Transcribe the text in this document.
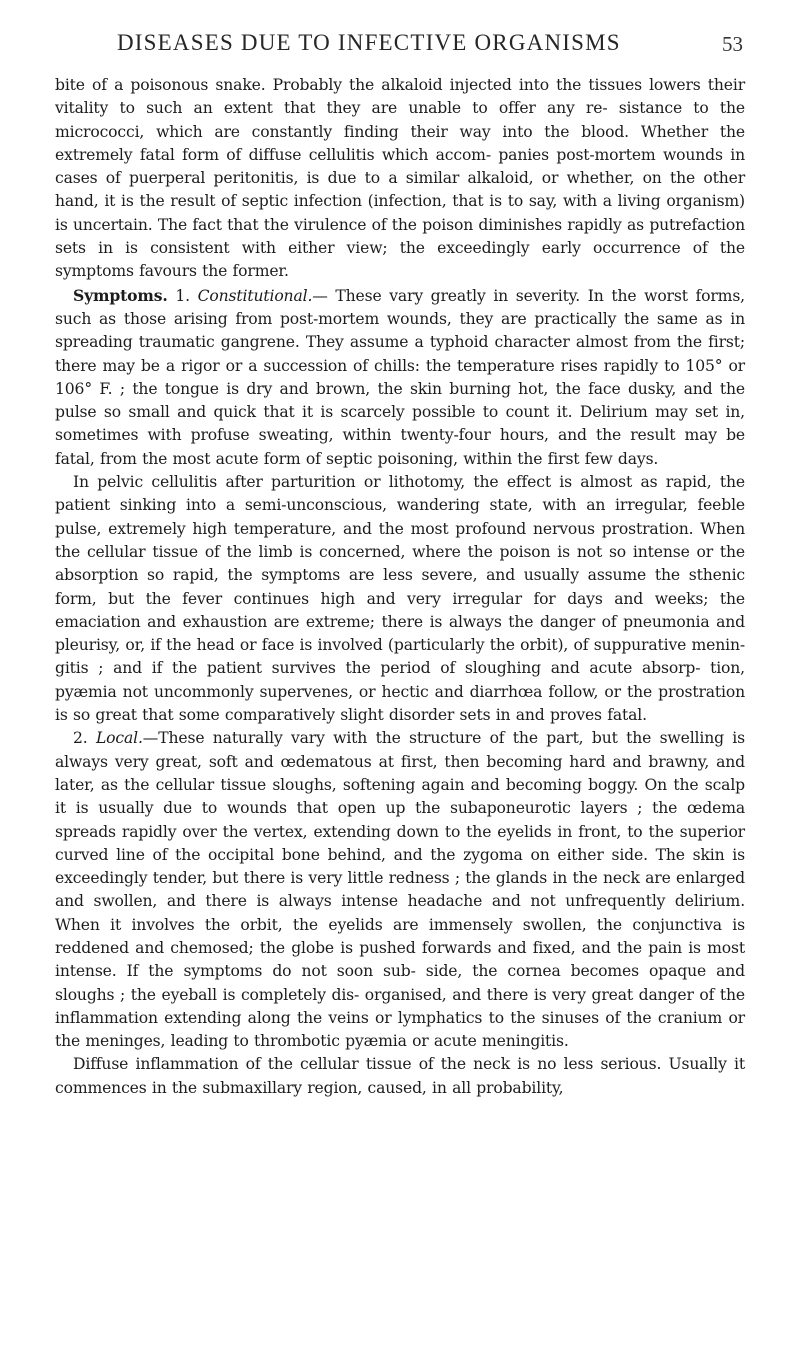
DISEASES DUE TO INFECTIVE ORGANISMS	53

bite of a poisonous snake. Probably the alkaloid injected into the tissues lowers their vitality to such an extent that they are unable to offer any re- sistance to the micrococci, which are constantly finding their way into the blood. Whether the extremely fatal form of diffuse cellulitis which accom- panies post-mortem wounds in cases of puerperal peritonitis, is due to a similar alkaloid, or whether, on the other hand, it is the result of septic infection (infection, that is to say, with a living organism) is uncertain. The fact that the virulence of the poison diminishes rapidly as putrefaction sets in is consistent with either view; the exceedingly early occurrence of the symptoms favours the former.

Symptoms. 1. Constitutional.— These vary greatly in severity. In the worst forms, such as those arising from post-mortem wounds, they are practically the same as in spreading traumatic gangrene. They assume a typhoid character almost from the first; there may be a rigor or a succession of chills: the temperature rises rapidly to 105° or 106° F. ; the tongue is dry and brown, the skin burning hot, the face dusky, and the pulse so small and quick that it is scarcely possible to count it. Delirium may set in, sometimes with profuse sweating, within twenty-four hours, and the result may be fatal, from the most acute form of septic poisoning, within the first few days.

In pelvic cellulitis after parturition or lithotomy, the effect is almost as rapid, the patient sinking into a semi-unconscious, wandering state, with an irregular, feeble pulse, extremely high temperature, and the most profound nervous prostration. When the cellular tissue of the limb is concerned, where the poison is not so intense or the absorption so rapid, the symptoms are less severe, and usually assume the sthenic form, but the fever continues high and very irregular for days and weeks; the emaciation and exhaustion are extreme; there is always the danger of pneumonia and pleurisy, or, if the head or face is involved (particularly the orbit), of suppurative menin- gitis ; and if the patient survives the period of sloughing and acute absorp- tion, pyæmia not uncommonly supervenes, or hectic and diarrhœa follow, or the prostration is so great that some comparatively slight disorder sets in and proves fatal.

2. Local.—These naturally vary with the structure of the part, but the swelling is always very great, soft and œdematous at first, then becoming hard and brawny, and later, as the cellular tissue sloughs, softening again and becoming boggy. On the scalp it is usually due to wounds that open up the subaponeurotic layers ; the œdema spreads rapidly over the vertex, extending down to the eyelids in front, to the superior curved line of the occipital bone behind, and the zygoma on either side. The skin is exceedingly tender, but there is very little redness ; the glands in the neck are enlarged and swollen, and there is always intense headache and not unfrequently delirium. When it involves the orbit, the eyelids are immensely swollen, the conjunctiva is reddened and chemosed; the globe is pushed forwards and fixed, and the pain is most intense. If the symptoms do not soon sub- side, the cornea becomes opaque and sloughs ; the eyeball is completely dis- organised, and there is very great danger of the inflammation extending along the veins or lymphatics to the sinuses of the cranium or the meninges, leading to thrombotic pyæmia or acute meningitis.

Diffuse inflammation of the cellular tissue of the neck is no less serious. Usually it commences in the submaxillary region, caused, in all probability,
